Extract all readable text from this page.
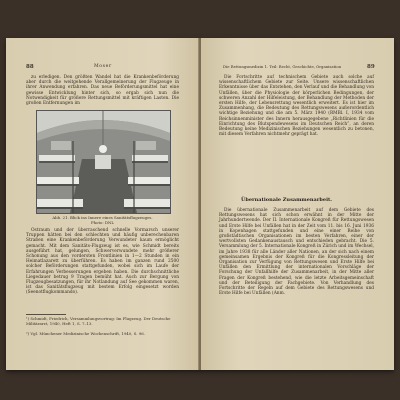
88	Moser

zu erledigen. Den größten Wandel hat die Krankenbeförderung aber durch die weitgehende Verallgemeinerung der Flugzeuge in ihrer Anwendung erfahren. Das neue Beförderungsmittel hat eine gewisse Entwicklung hinter sich, so ergab sich nun die Notwendigkeit für größere Rettungsmittel mit kräftigen Lasten. Die großen Entfernungen im

Abb. 21. Blick ins Innere eines Sanitätsflugzeuges.
Photo: DNL

Ostraum und der überraschend schnelle Vormarsch unserer Truppen hätten bei den schlechten und häufig unberechenbaren Straßen eine Krankenbeförderung Verwundeter kaum ermöglicht gemacht. Mit dem Sanitäts-Flugzeug ist es, wie Schmidt bereits ausgeführt hat, gelungen, Schwerverwundete mehr größerer Schonung aus den vordersten Frontlinien in 1—2 Stunden in ein Heimatlazarett zu überführen. Es haben im ganzen rund 2500 solcher Beförderungen stattgefunden, wobei sich im Laufe der Erfahrungen Verbesserungen ergeben haben. Die durchschnittliche Liegedauer betrug 9 Tragen bemüht hat. Auch zur Bergung von Flugzeugbesatzungen, für ihr Notlandung auf See gekommen waren, ist das Sanitätsflugzeug mit bestem Erfolg eingesetzt worden (Seenotflugkommando).

¹) Schmidt, Friedrich, Versammlungsvortrag: Im Flugzeug. Der Deutsche Militärarzt, 1940, Heft 1, S. 7–13.
²) Vgl. Münchener Medizinische Wochenschrift, 1940, S. 96.
Die Rettungsmedizin 1. Teil: Recht, Geschichte, Organisation	89

Die Fortschritte auf technischem Gebiete auch solche auf wissenschaftlichem Gebiete zur Seite. Unsere wissenschaftlichen Erkenntnisse über das Entstehen, den Verlauf und die Behandlung von Unfällen, über die Physiologie der körperlichen Bedingungen, der schweren Anzahl der Hilfeleistung, der Behandlung der Methoden der ersten Hilfe, der Lebensrettung wesentlich erweitert. Es ist hier im Zusammenhang, die Bedeutung des Rettungswesens außerordentlich wichtige Beziehung und die am 5. März 1940 (RMBl. I, 1934 vom Reichsinnenminister des Innern herausgegebene „Richtlinien für die Einrichtung des Blutspendewesens im Deutschen Reich“, an deren Bedeutung keine Medizinischen Beziehungen wesentlich zu betonen, mit diesem Verfahren nichtmehr geprägt hat.

Übernationale Zusammenarbeit.

Die übernationale Zusammenarbeit auf dem Gebiete des Rettungswesens hat sich schon erwähnt in der Mitte der Jahrhundertwende. Der II. Internationale Kongreß für Rettungswesen und Erste Hilfe bei Unfällen hat in der Zeit vom 11. bis 16. Juni 1936 in Kopenhagen stattgefunden und eine einer Reihe von großstädtischen Organisationen im besten Verfahren, einer der wertvollsten Gedankenaustausch und entschieden gebracht. Die 5. Versammlung der 5. Internationale Kongreß in Zürich und im Wechsel, im Jahre 1938 für alle Länder aller Nationen, an der sich nach einem gemeinsamen Ergebnis der Kongreß für die Kongressleitung der Organisation zur Verfügung von Rettungswesen und Erste Hilfe bei Unfällen den Ermittlung der internationalen Vorschläge der Forschung der Unfallhilfe der Zusammenarbeit, in der Mitte aller Fragen der Kongreß bestehend, wie die letzte Arbeitsgemeinschaft und der Beteiligung der Fachgebiete. Von Verhandlung des Fortschritte der Regeln auf dem Gebiete des Rettungswesens und Erste Hilfe bei Unfällen (Anm.
